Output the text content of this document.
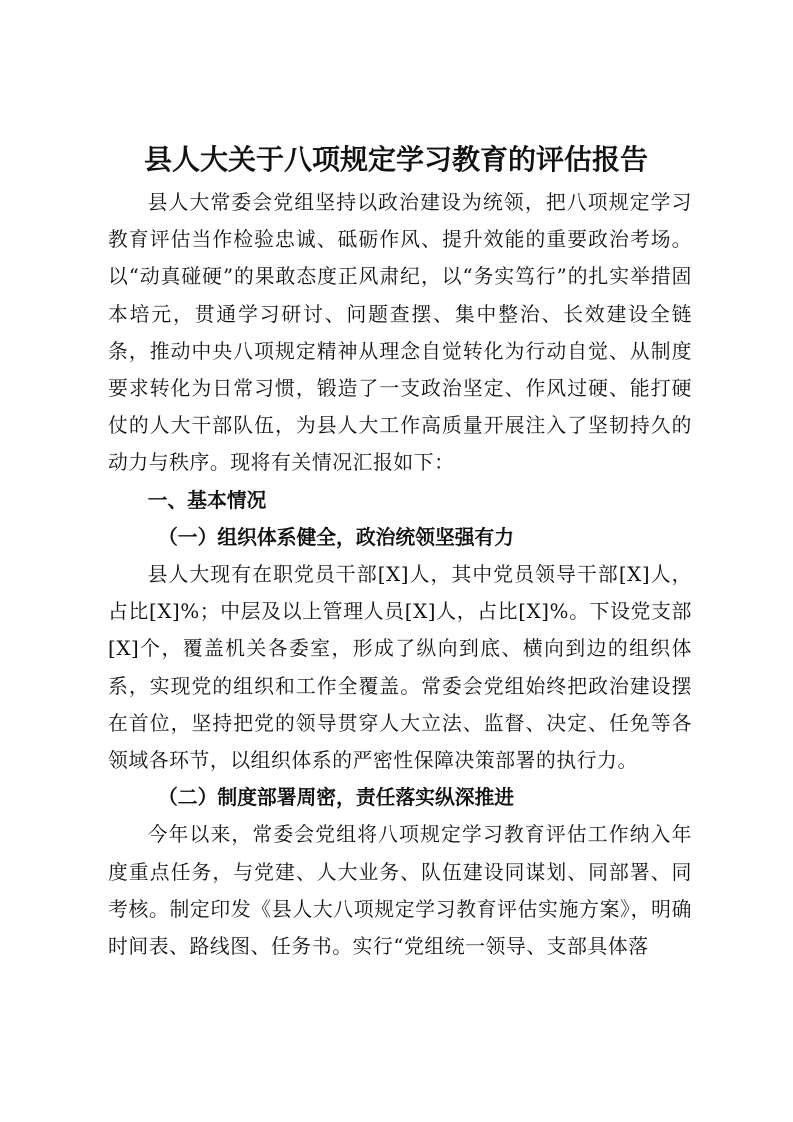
县人大关于八项规定学习教育的评估报告

县人大常委会党组坚持以政治建设为统领，把八项规定学习教育评估当作检验忠诚、砥砺作风、提升效能的重要政治考场。以“动真碰硬”的果敢态度正风肃纪，以“务实笃行”的扎实举措固本培元，贯通学习研讨、问题查摆、集中整治、长效建设全链条，推动中央八项规定精神从理念自觉转化为行动自觉、从制度要求转化为日常习惯，锻造了一支政治坚定、作风过硬、能打硬仗的人大干部队伍，为县人大工作高质量开展注入了坚韧持久的动力与秩序。现将有关情况汇报如下：

一、基本情况

（一）组织体系健全，政治统领坚强有力

县人大现有在职党员干部[X]人，其中党员领导干部[X]人，占比[X]%；中层及以上管理人员[X]人，占比[X]%。下设党支部[X]个，覆盖机关各委室，形成了纵向到底、横向到边的组织体系，实现党的组织和工作全覆盖。常委会党组始终把政治建设摆在首位，坚持把党的领导贯穿人大立法、监督、决定、任免等各领域各环节，以组织体系的严密性保障决策部署的执行力。

（二）制度部署周密，责任落实纵深推进

今年以来，常委会党组将八项规定学习教育评估工作纳入年度重点任务，与党建、人大业务、队伍建设同谋划、同部署、同考核。制定印发《县人大八项规定学习教育评估实施方案》，明确时间表、路线图、任务书。实行“党组统一领导、支部具体落
